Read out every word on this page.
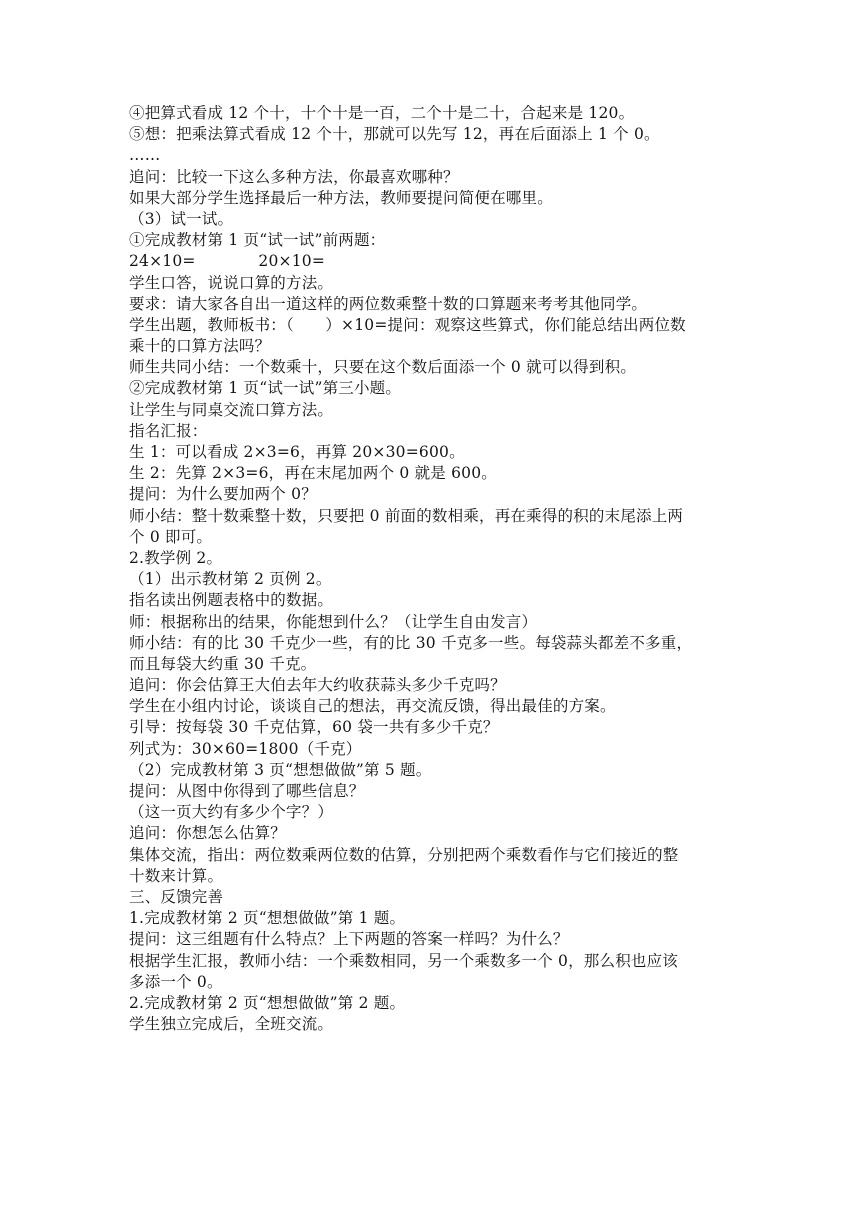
④把算式看成 12 个十，十个十是一百，二个十是二十，合起来是 120。
⑤想：把乘法算式看成 12 个十，那就可以先写 12，再在后面添上 1 个 0。
……
追问：比较一下这么多种方法，你最喜欢哪种？
如果大部分学生选择最后一种方法，教师要提问简便在哪里。
（3）试一试。
①完成教材第 1 页“试一试”前两题：
24×10=　　　　20×10=
学生口答，说说口算的方法。
要求：请大家各自出一道这样的两位数乘整十数的口算题来考考其他同学。
学生出题，教师板书：（　　）×10=提问：观察这些算式，你们能总结出两位数
乘十的口算方法吗？
师生共同小结：一个数乘十，只要在这个数后面添一个 0 就可以得到积。
②完成教材第 1 页“试一试”第三小题。
让学生与同桌交流口算方法。
指名汇报：
生 1：可以看成 2×3=6，再算 20×30=600。
生 2：先算 2×3=6，再在末尾加两个 0 就是 600。
提问：为什么要加两个 0？
师小结：整十数乘整十数，只要把 0 前面的数相乘，再在乘得的积的末尾添上两
个 0 即可。
2.教学例 2。
（1）出示教材第 2 页例 2。
指名读出例题表格中的数据。
师：根据称出的结果，你能想到什么？（让学生自由发言）
师小结：有的比 30 千克少一些，有的比 30 千克多一些。每袋蒜头都差不多重，
而且每袋大约重 30 千克。
追问：你会估算王大伯去年大约收获蒜头多少千克吗？
学生在小组内讨论，谈谈自己的想法，再交流反馈，得出最佳的方案。
引导：按每袋 30 千克估算，60 袋一共有多少千克？
列式为：30×60=1800（千克）
（2）完成教材第 3 页“想想做做”第 5 题。
提问：从图中你得到了哪些信息？
（这一页大约有多少个字？）
追问：你想怎么估算？
集体交流，指出：两位数乘两位数的估算，分别把两个乘数看作与它们接近的整
十数来计算。
三、反馈完善
1.完成教材第 2 页“想想做做”第 1 题。
提问：这三组题有什么特点？上下两题的答案一样吗？为什么？
根据学生汇报，教师小结：一个乘数相同，另一个乘数多一个 0，那么积也应该
多添一个 0。
2.完成教材第 2 页“想想做做”第 2 题。
学生独立完成后，全班交流。
